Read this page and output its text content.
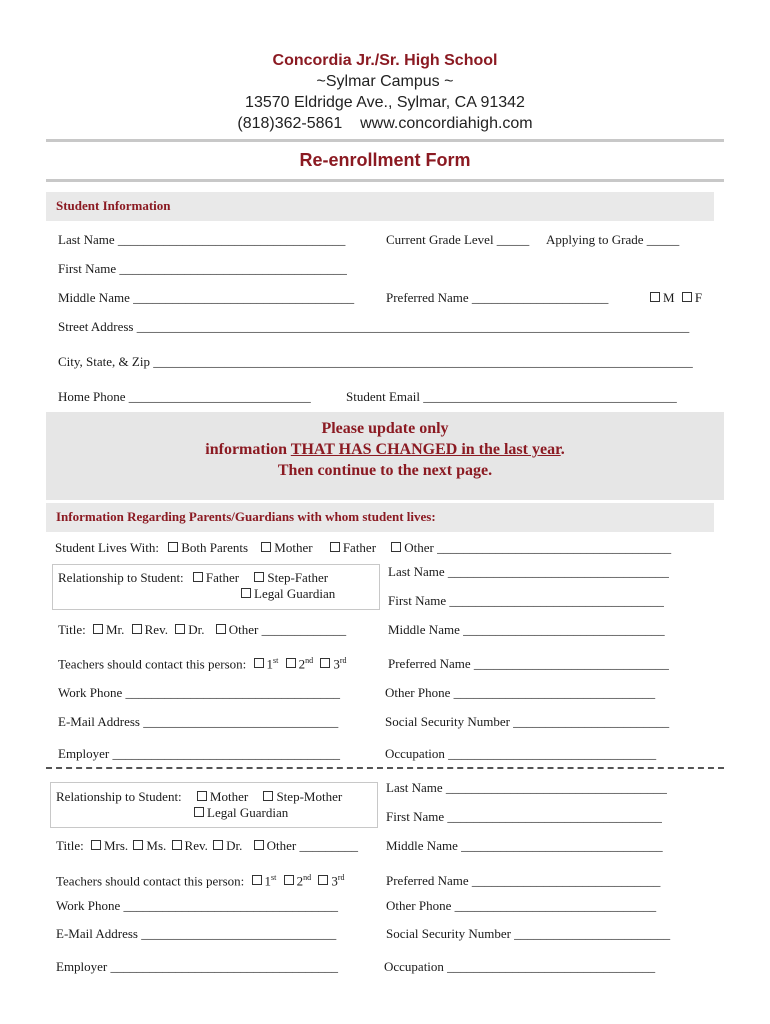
Concordia Jr./Sr. High School
~Sylmar Campus ~
13570 Eldridge Ave., Sylmar, CA 91342
(818)362-5861 www.concordiahigh.com
Re-enrollment Form
Student Information
Last Name ___________________________________	Current Grade Level _____ Applying to Grade _____
First Name ___________________________________
Middle Name __________________________________ Preferred Name _____________________	M F
Street Address _____________________________________________________________________________________
City, State, & Zip ___________________________________________________________________________________
Home Phone ____________________________	Student Email _______________________________________
Please update only
information THAT HAS CHANGED in the last year.
Then continue to the next page.
Information Regarding Parents/Guardians with whom student lives:
Student Lives With: Both Parents Mother Father Other ____________________________________
Relationship to Student: Father Step-Father
Legal Guardian
Last Name __________________________________
First Name _________________________________
Title: Mr. Rev. Dr. Other _____________	Middle Name _______________________________
Teachers should contact this person: 1st 2nd 3rd	Preferred Name ______________________________
Work Phone _________________________________	Other Phone _______________________________
E-Mail Address ______________________________	Social Security Number ________________________
Employer ___________________________________	Occupation ________________________________
Relationship to Student: Mother Step-Mother
Legal Guardian
Last Name __________________________________
First Name _________________________________
Title: Mrs. Ms. Rev. Dr. Other _________ Middle Name _______________________________
Teachers should contact this person: 1st 2nd 3rd	Preferred Name _____________________________
Work Phone _________________________________	Other Phone _______________________________
E-Mail Address ______________________________	Social Security Number ________________________
Employer ___________________________________	Occupation ________________________________
